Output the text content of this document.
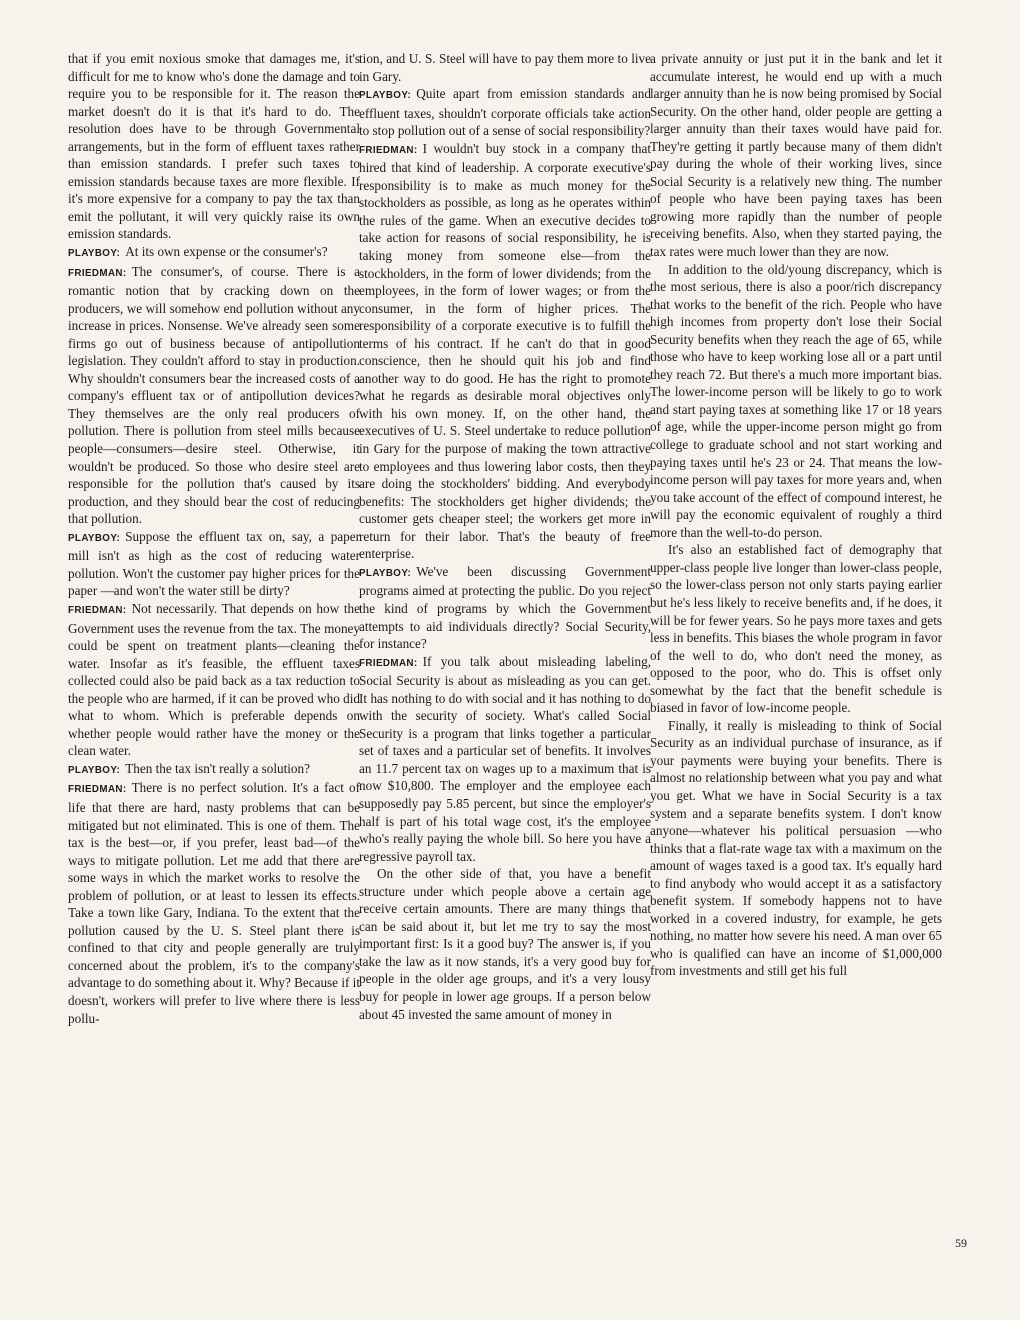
that if you emit noxious smoke that damages me, it's difficult for me to know who's done the damage and to require you to be responsible for it. The reason the market doesn't do it is that it's hard to do. The resolution does have to be through Governmental arrangements, but in the form of effluent taxes rather than emission standards. I prefer such taxes to emission standards because taxes are more flexible. If it's more expensive for a company to pay the tax than emit the pollutant, it will very quickly raise its own emission standards.

PLAYBOY: At its own expense or the consumer's?

FRIEDMAN: The consumer's, of course. There is a romantic notion that by cracking down on the producers, we will somehow end pollution without any increase in prices. Nonsense. We've already seen some firms go out of business because of antipollution legislation. They couldn't afford to stay in production. Why shouldn't consumers bear the increased costs of a company's effluent tax or of antipollution devices? They themselves are the only real producers of pollution. There is pollution from steel mills because people—consumers—desire steel. Otherwise, it wouldn't be produced. So those who desire steel are responsible for the pollution that's caused by its production, and they should bear the cost of reducing that pollution.

PLAYBOY: Suppose the effluent tax on, say, a paper mill isn't as high as the cost of reducing water pollution. Won't the customer pay higher prices for the paper —and won't the water still be dirty?

FRIEDMAN: Not necessarily. That depends on how the Government uses the revenue from the tax. The money could be spent on treatment plants—cleaning the water. Insofar as it's feasible, the effluent taxes collected could also be paid back as a tax reduction to the people who are harmed, if it can be proved who did what to whom. Which is preferable depends on whether people would rather have the money or the clean water.

PLAYBOY: Then the tax isn't really a solution?

FRIEDMAN: There is no perfect solution. It's a fact of life that there are hard, nasty problems that can be mitigated but not eliminated. This is one of them. The tax is the best—or, if you prefer, least bad—of the ways to mitigate pollution. Let me add that there are some ways in which the market works to resolve the problem of pollution, or at least to lessen its effects. Take a town like Gary, Indiana. To the extent that the pollution caused by the U. S. Steel plant there is confined to that city and people generally are truly concerned about the problem, it's to the company's advantage to do something about it. Why? Because if it doesn't, workers will prefer to live where there is less pollu-

tion, and U. S. Steel will have to pay them more to live in Gary.

PLAYBOY: Quite apart from emission standards and effluent taxes, shouldn't corporate officials take action to stop pollution out of a sense of social responsibility?

FRIEDMAN: I wouldn't buy stock in a company that hired that kind of leadership. A corporate executive's responsibility is to make as much money for the stockholders as possible, as long as he operates within the rules of the game. When an executive decides to take action for reasons of social responsibility, he is taking money from someone else—from the stockholders, in the form of lower dividends; from the employees, in the form of lower wages; or from the consumer, in the form of higher prices. The responsibility of a corporate executive is to fulfill the terms of his contract. If he can't do that in good conscience, then he should quit his job and find another way to do good. He has the right to promote what he regards as desirable moral objectives only with his own money. If, on the other hand, the executives of U. S. Steel undertake to reduce pollution in Gary for the purpose of making the town attractive to employees and thus lowering labor costs, then they are doing the stockholders' bidding. And everybody benefits: The stockholders get higher dividends; the customer gets cheaper steel; the workers get more in return for their labor. That's the beauty of free enterprise.

PLAYBOY: We've been discussing Government programs aimed at protecting the public. Do you reject the kind of programs by which the Government attempts to aid individuals directly? Social Security, for instance?

FRIEDMAN: If you talk about misleading labeling, Social Security is about as misleading as you can get. It has nothing to do with social and it has nothing to do with the security of society. What's called Social Security is a program that links together a particular set of taxes and a particular set of benefits. It involves an 11.7 percent tax on wages up to a maximum that is now $10,800. The employer and the employee each supposedly pay 5.85 percent, but since the employer's half is part of his total wage cost, it's the employee who's really paying the whole bill. So here you have a regressive payroll tax.

On the other side of that, you have a benefit structure under which people above a certain age receive certain amounts. There are many things that can be said about it, but let me try to say the most important first: Is it a good buy? The answer is, if you take the law as it now stands, it's a very good buy for people in the older age groups, and it's a very lousy buy for people in lower age groups. If a person below about 45 invested the same amount of money in

a private annuity or just put it in the bank and let it accumulate interest, he would end up with a much larger annuity than he is now being promised by Social Security. On the other hand, older people are getting a larger annuity than their taxes would have paid for. They're getting it partly because many of them didn't pay during the whole of their working lives, since Social Security is a relatively new thing. The number of people who have been paying taxes has been growing more rapidly than the number of people receiving benefits. Also, when they started paying, the tax rates were much lower than they are now.

In addition to the old/young discrepancy, which is the most serious, there is also a poor/rich discrepancy that works to the benefit of the rich. People who have high incomes from property don't lose their Social Security benefits when they reach the age of 65, while those who have to keep working lose all or a part until they reach 72. But there's a much more important bias. The lower-income person will be likely to go to work and start paying taxes at something like 17 or 18 years of age, while the upper-income person might go from college to graduate school and not start working and paying taxes until he's 23 or 24. That means the low-income person will pay taxes for more years and, when you take account of the effect of compound interest, he will pay the economic equivalent of roughly a third more than the well-to-do person.

It's also an established fact of demography that upper-class people live longer than lower-class people, so the lower-class person not only starts paying earlier but he's less likely to receive benefits and, if he does, it will be for fewer years. So he pays more taxes and gets less in benefits. This biases the whole program in favor of the well to do, who don't need the money, as opposed to the poor, who do. This is offset only somewhat by the fact that the benefit schedule is biased in favor of low-income people.

Finally, it really is misleading to think of Social Security as an individual purchase of insurance, as if your payments were buying your benefits. There is almost no relationship between what you pay and what you get. What we have in Social Security is a tax system and a separate benefits system. I don't know anyone—whatever his political persuasion —who thinks that a flat-rate wage tax with a maximum on the amount of wages taxed is a good tax. It's equally hard to find anybody who would accept it as a satisfactory benefit system. If somebody happens not to have worked in a covered industry, for example, he gets nothing, no matter how severe his need. A man over 65 who is qualified can have an income of $1,000,000 from investments and still get his full

59
